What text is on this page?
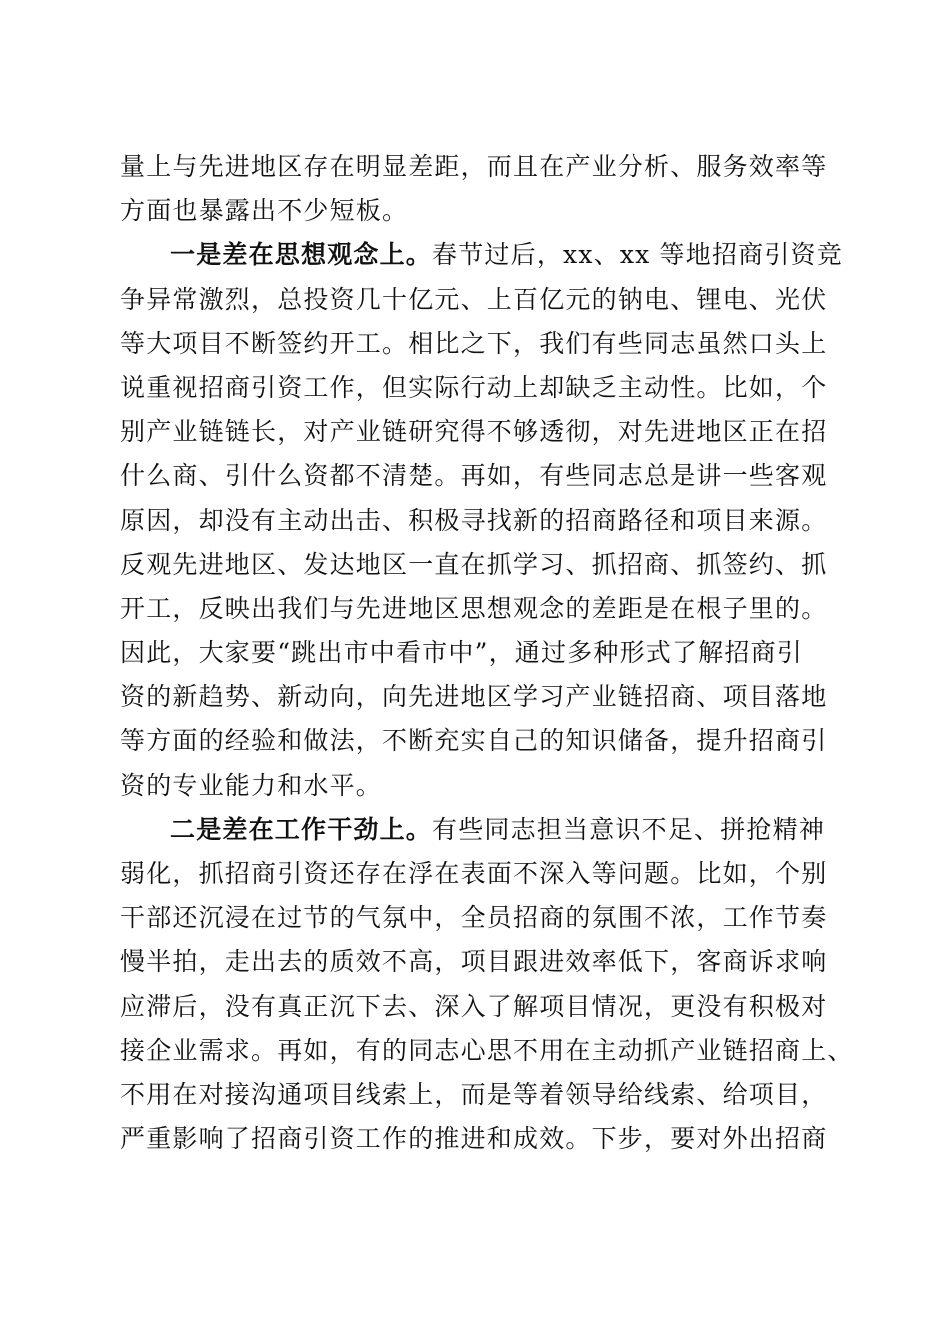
量上与先进地区存在明显差距，而且在产业分析、服务效率等
方面也暴露出不少短板。
一是差在思想观念上。春节过后，xx、xx 等地招商引资竞
争异常激烈，总投资几十亿元、上百亿元的钠电、锂电、光伏
等大项目不断签约开工。相比之下，我们有些同志虽然口头上
说重视招商引资工作，但实际行动上却缺乏主动性。比如，个
别产业链链长，对产业链研究得不够透彻，对先进地区正在招
什么商、引什么资都不清楚。再如，有些同志总是讲一些客观
原因，却没有主动出击、积极寻找新的招商路径和项目来源。
反观先进地区、发达地区一直在抓学习、抓招商、抓签约、抓
开工，反映出我们与先进地区思想观念的差距是在根子里的。
因此，大家要“跳出市中看市中”，通过多种形式了解招商引
资的新趋势、新动向，向先进地区学习产业链招商、项目落地
等方面的经验和做法，不断充实自己的知识储备，提升招商引
资的专业能力和水平。
二是差在工作干劲上。有些同志担当意识不足、拼抢精神
弱化，抓招商引资还存在浮在表面不深入等问题。比如，个别
干部还沉浸在过节的气氛中，全员招商的氛围不浓，工作节奏
慢半拍，走出去的质效不高，项目跟进效率低下，客商诉求响
应滞后，没有真正沉下去、深入了解项目情况，更没有积极对
接企业需求。再如，有的同志心思不用在主动抓产业链招商上、
不用在对接沟通项目线索上，而是等着领导给线索、给项目，
严重影响了招商引资工作的推进和成效。下步，要对外出招商
